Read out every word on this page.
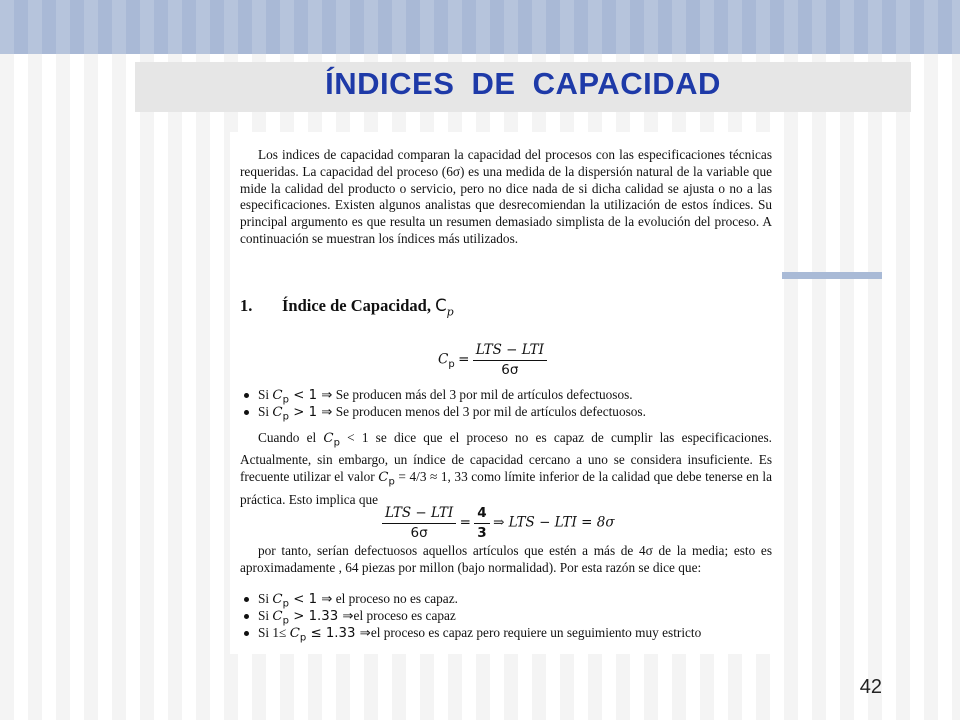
ÍNDICES DE CAPACIDAD

Los indices de capacidad comparan la capacidad del procesos con las especificaciones técnicas requeridas. La capacidad del proceso (6σ) es una medida de la dispersión natural de la variable que mide la calidad del producto o servicio, pero no dice nada de si dicha calidad se ajusta o no a las especificaciones. Existen algunos analistas que desrecomiendan la utilización de estos índices. Su principal argumento es que resulta un resumen demasiado simplista de la evolución del proceso. A continuación se muestran los índices más utilizados.

1. Índice de Capacidad, $C_p$
$C_p = \frac{\text{LTS − LTI}}{6\sigma}$
Si $C_p < 1$ ⇒ Se producen más del 3 por mil de artículos defectuosos.
Si $C_p > 1$ ⇒ Se producen menos del 3 por mil de artículos defectuosos.

Cuando el $C_p < 1$ se dice que el proceso no es capaz de cumplir las especificaciones. Actualmente, sin embargo, un índice de capacidad cercano a uno se considera insuficiente. Es frecuente utilizar el valor $C_p = 4/3 \approx 1$, 33 como límite inferior de la calidad que debe tenerse en la práctica. Esto implica que

$\frac{\text{LTS − LTI}}{6\sigma} = \frac{4}{3}$ ⇒ LTS − LTI = 8σ

por tanto, serían defectuosos aquellos artículos que estén a más de 4σ de la media; esto es aproximadamente , 64 piezas por millon (bajo normalidad). Por esta razón se dice que:

Si $C_p < 1$ ⇒ el proceso no es capaz.
Si $C_p > 1.33$ ⇒el proceso es capaz
Si $1\le C_p \le 1.33$ ⇒el proceso es capaz pero requiere un seguimiento muy estricto
42
